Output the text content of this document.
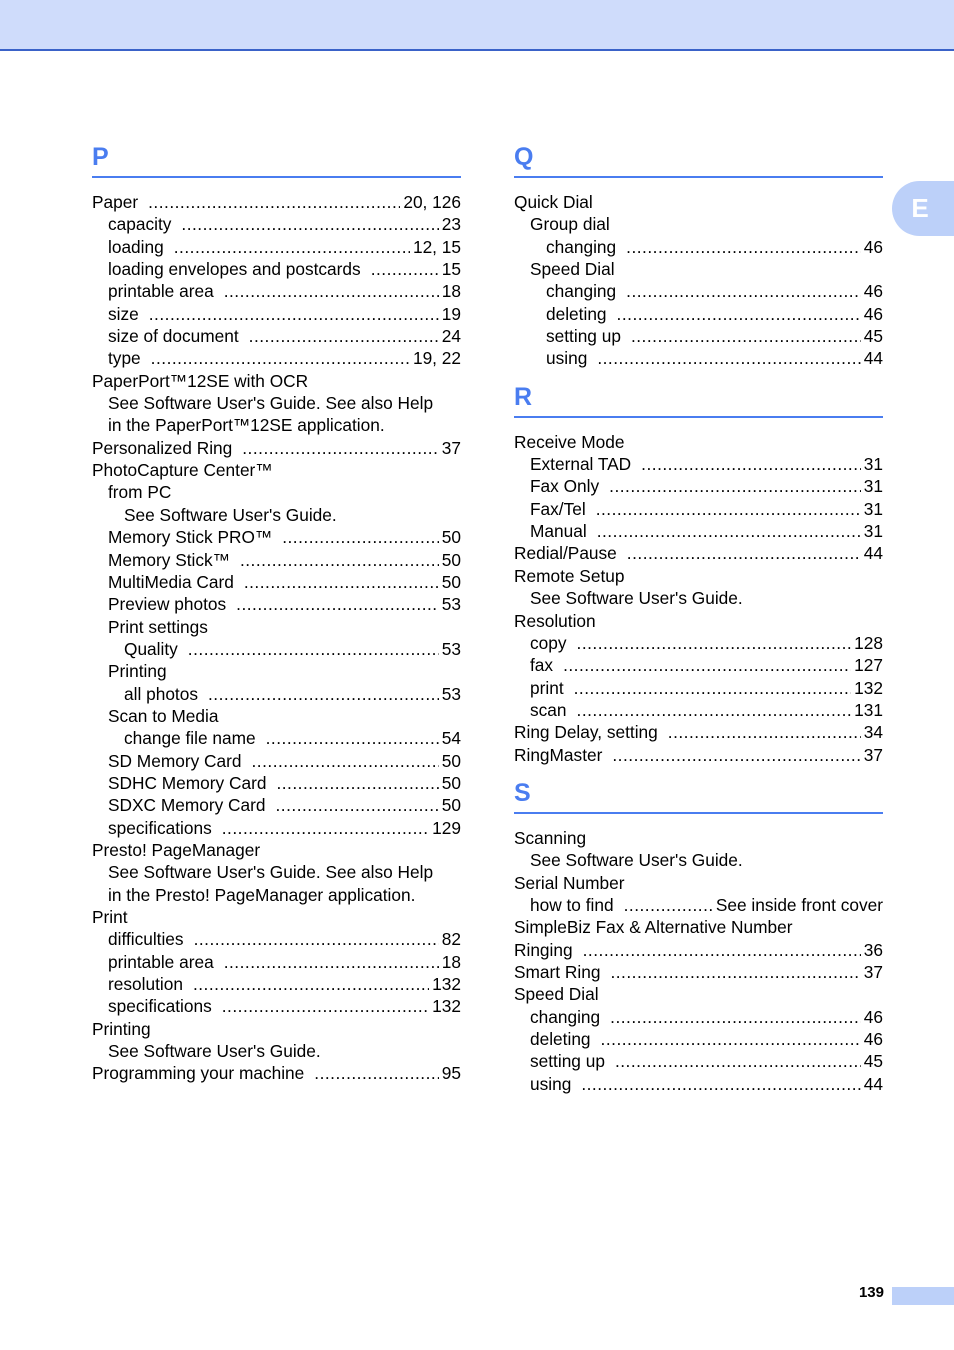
E
P
Paper .....	20, 126
capacity .....	23
loading .....	12, 15
loading envelopes and postcards .....	15
printable area .....	18
size .....	19
size of document .....	24
type .....	19, 22
PaperPort™12SE with OCR
See Software User's Guide. See also Help
in the PaperPort™12SE application.
Personalized Ring .....	37
PhotoCapture Center™
from PC
See Software User's Guide.
Memory Stick PRO™ .....	50
Memory Stick™ .....	50
MultiMedia Card .....	50
Preview photos .....	53
Print settings
Quality .....	53
Printing
all photos .....	53
Scan to Media
change file name .....	54
SD Memory Card .....	50
SDHC Memory Card .....	50
SDXC Memory Card .....	50
specifications .....	129
Presto! PageManager
See Software User's Guide. See also Help
in the Presto! PageManager application.
Print
difficulties .....	82
printable area .....	18
resolution .....	132
specifications .....	132
Printing
See Software User's Guide.
Programming your machine .....	95
Q
Quick Dial
Group dial
changing .....	46
Speed Dial
changing .....	46
deleting .....	46
setting up .....	45
using .....	44
R
Receive Mode
External TAD .....	31
Fax Only .....	31
Fax/Tel .....	31
Manual .....	31
Redial/Pause .....	44
Remote Setup
See Software User's Guide.
Resolution
copy .....	128
fax .....	127
print .....	132
scan .....	131
Ring Delay, setting .....	34
RingMaster .....	37
S
Scanning
See Software User's Guide.
Serial Number
how to find .....	See inside front cover
SimpleBiz Fax & Alternative Number
Ringing .....	36
Smart Ring .....	37
Speed Dial
changing .....	46
deleting .....	46
setting up .....	45
using .....	44
139
